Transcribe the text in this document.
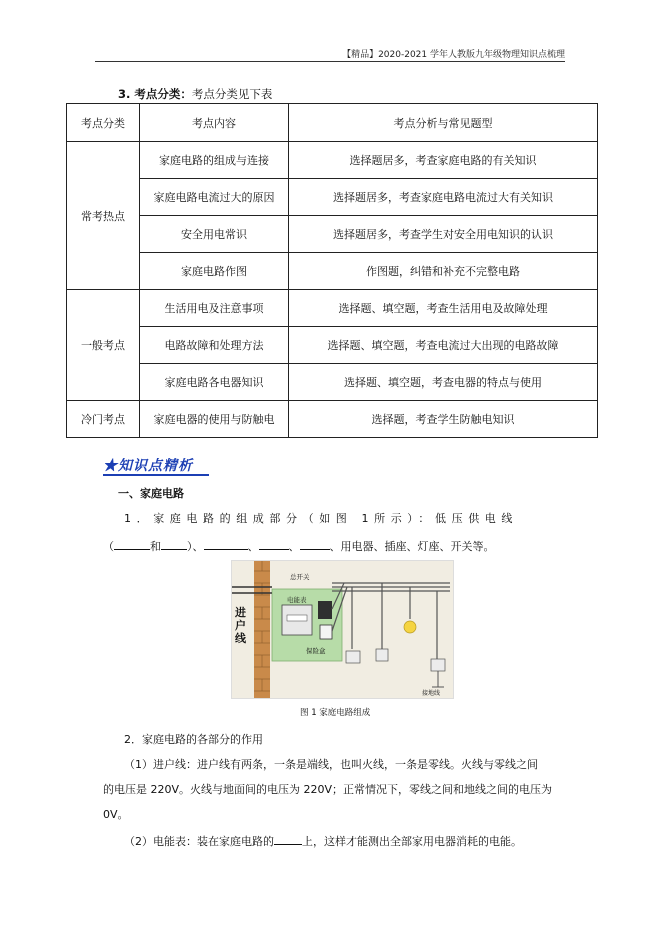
【精品】2020-2021 学年人教版九年级物理知识点梳理
3. 考点分类：考点分类见下表
考点分类	考点内容	考点分析与常见题型
常考热点	家庭电路的组成与连接	选择题居多，考查家庭电路的有关知识
	家庭电路电流过大的原因	选择题居多，考查家庭电路电流过大有关知识
	安全用电常识	选择题居多，考查学生对安全用电知识的认识
	家庭电路作图	作图题，纠错和补充不完整电路
一般考点	生活用电及注意事项	选择题、填空题，考查生活用电及故障处理
	电路故障和处理方法	选择题、填空题，考查电流过大出现的电路故障
	家庭电路各电器知识	选择题、填空题，考查电器的特点与使用
冷门考点	家庭电器的使用与防触电	选择题，考查学生防触电知识
★知识点精析
一、家庭电路
1．家庭电路的组成部分（如图 1所示）：低压供电线
（	和 ）、	、	、	、用电器、插座、灯座、开关等。
进户线
总开关
电能表
保险盒
接地线
图 1 家庭电路组成
2．家庭电路的各部分的作用
（1）进户线：进户线有两条，一条是端线，也叫火线，一条是零线。火线与零线之间
的电压是 220V。火线与地面间的电压为 220V；正常情况下，零线之间和地线之间的电压为
0V。
（2）电能表：装在家庭电路的	上，这样才能测出全部家用电器消耗的电能。
